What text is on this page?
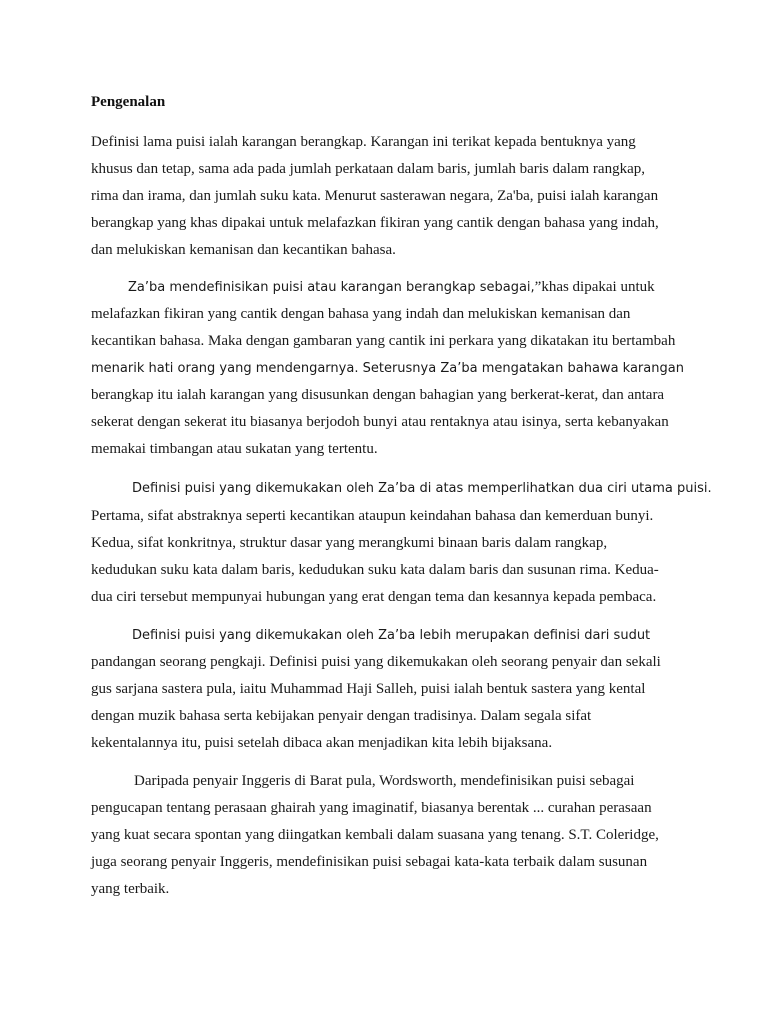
Pengenalan
Definisi lama puisi ialah karangan berangkap. Karangan ini terikat kepada bentuknya yang
khusus dan tetap, sama ada pada jumlah perkataan dalam baris, jumlah baris dalam rangkap,
rima dan irama, dan jumlah suku kata. Menurut sasterawan negara, Za'ba, puisi ialah karangan
berangkap yang khas dipakai untuk melafazkan fikiran yang cantik dengan bahasa yang indah,
dan melukiskan kemanisan dan kecantikan bahasa.
Za’ba mendefinisikan puisi atau karangan berangkap sebagai,”khas dipakai untuk
melafazkan fikiran yang cantik dengan bahasa yang indah dan melukiskan kemanisan dan
kecantikan bahasa. Maka dengan gambaran yang cantik ini perkara yang dikatakan itu bertambah
menarik hati orang yang mendengarnya. Seterusnya Za’ba mengatakan bahawa karangan
berangkap itu ialah karangan yang disusunkan dengan bahagian yang berkerat-kerat, dan antara
sekerat dengan sekerat itu biasanya berjodoh bunyi atau rentaknya atau isinya, serta kebanyakan
memakai timbangan atau sukatan yang tertentu.
Definisi puisi yang dikemukakan oleh Za’ba di atas memperlihatkan dua ciri utama puisi.
Pertama, sifat abstraknya seperti kecantikan ataupun keindahan bahasa dan kemerduan bunyi.
Kedua, sifat konkritnya, struktur dasar yang merangkumi binaan baris dalam rangkap,
kedudukan suku kata dalam baris, kedudukan suku kata dalam baris dan susunan rima. Kedua-
dua ciri tersebut mempunyai hubungan yang erat dengan tema dan kesannya kepada pembaca.
Definisi puisi yang dikemukakan oleh Za’ba lebih merupakan definisi dari sudut
pandangan seorang pengkaji. Definisi puisi yang dikemukakan oleh seorang penyair dan sekali
gus sarjana sastera pula, iaitu Muhammad Haji Salleh, puisi ialah bentuk sastera yang kental
dengan muzik bahasa serta kebijakan penyair dengan tradisinya. Dalam segala sifat
kekentalannya itu, puisi setelah dibaca akan menjadikan kita lebih bijaksana.
Daripada penyair Inggeris di Barat pula, Wordsworth, mendefinisikan puisi sebagai
pengucapan tentang perasaan ghairah yang imaginatif, biasanya berentak ... curahan perasaan
yang kuat secara spontan yang diingatkan kembali dalam suasana yang tenang. S.T. Coleridge,
juga seorang penyair Inggeris, mendefinisikan puisi sebagai kata-kata terbaik dalam susunan
yang terbaik.
